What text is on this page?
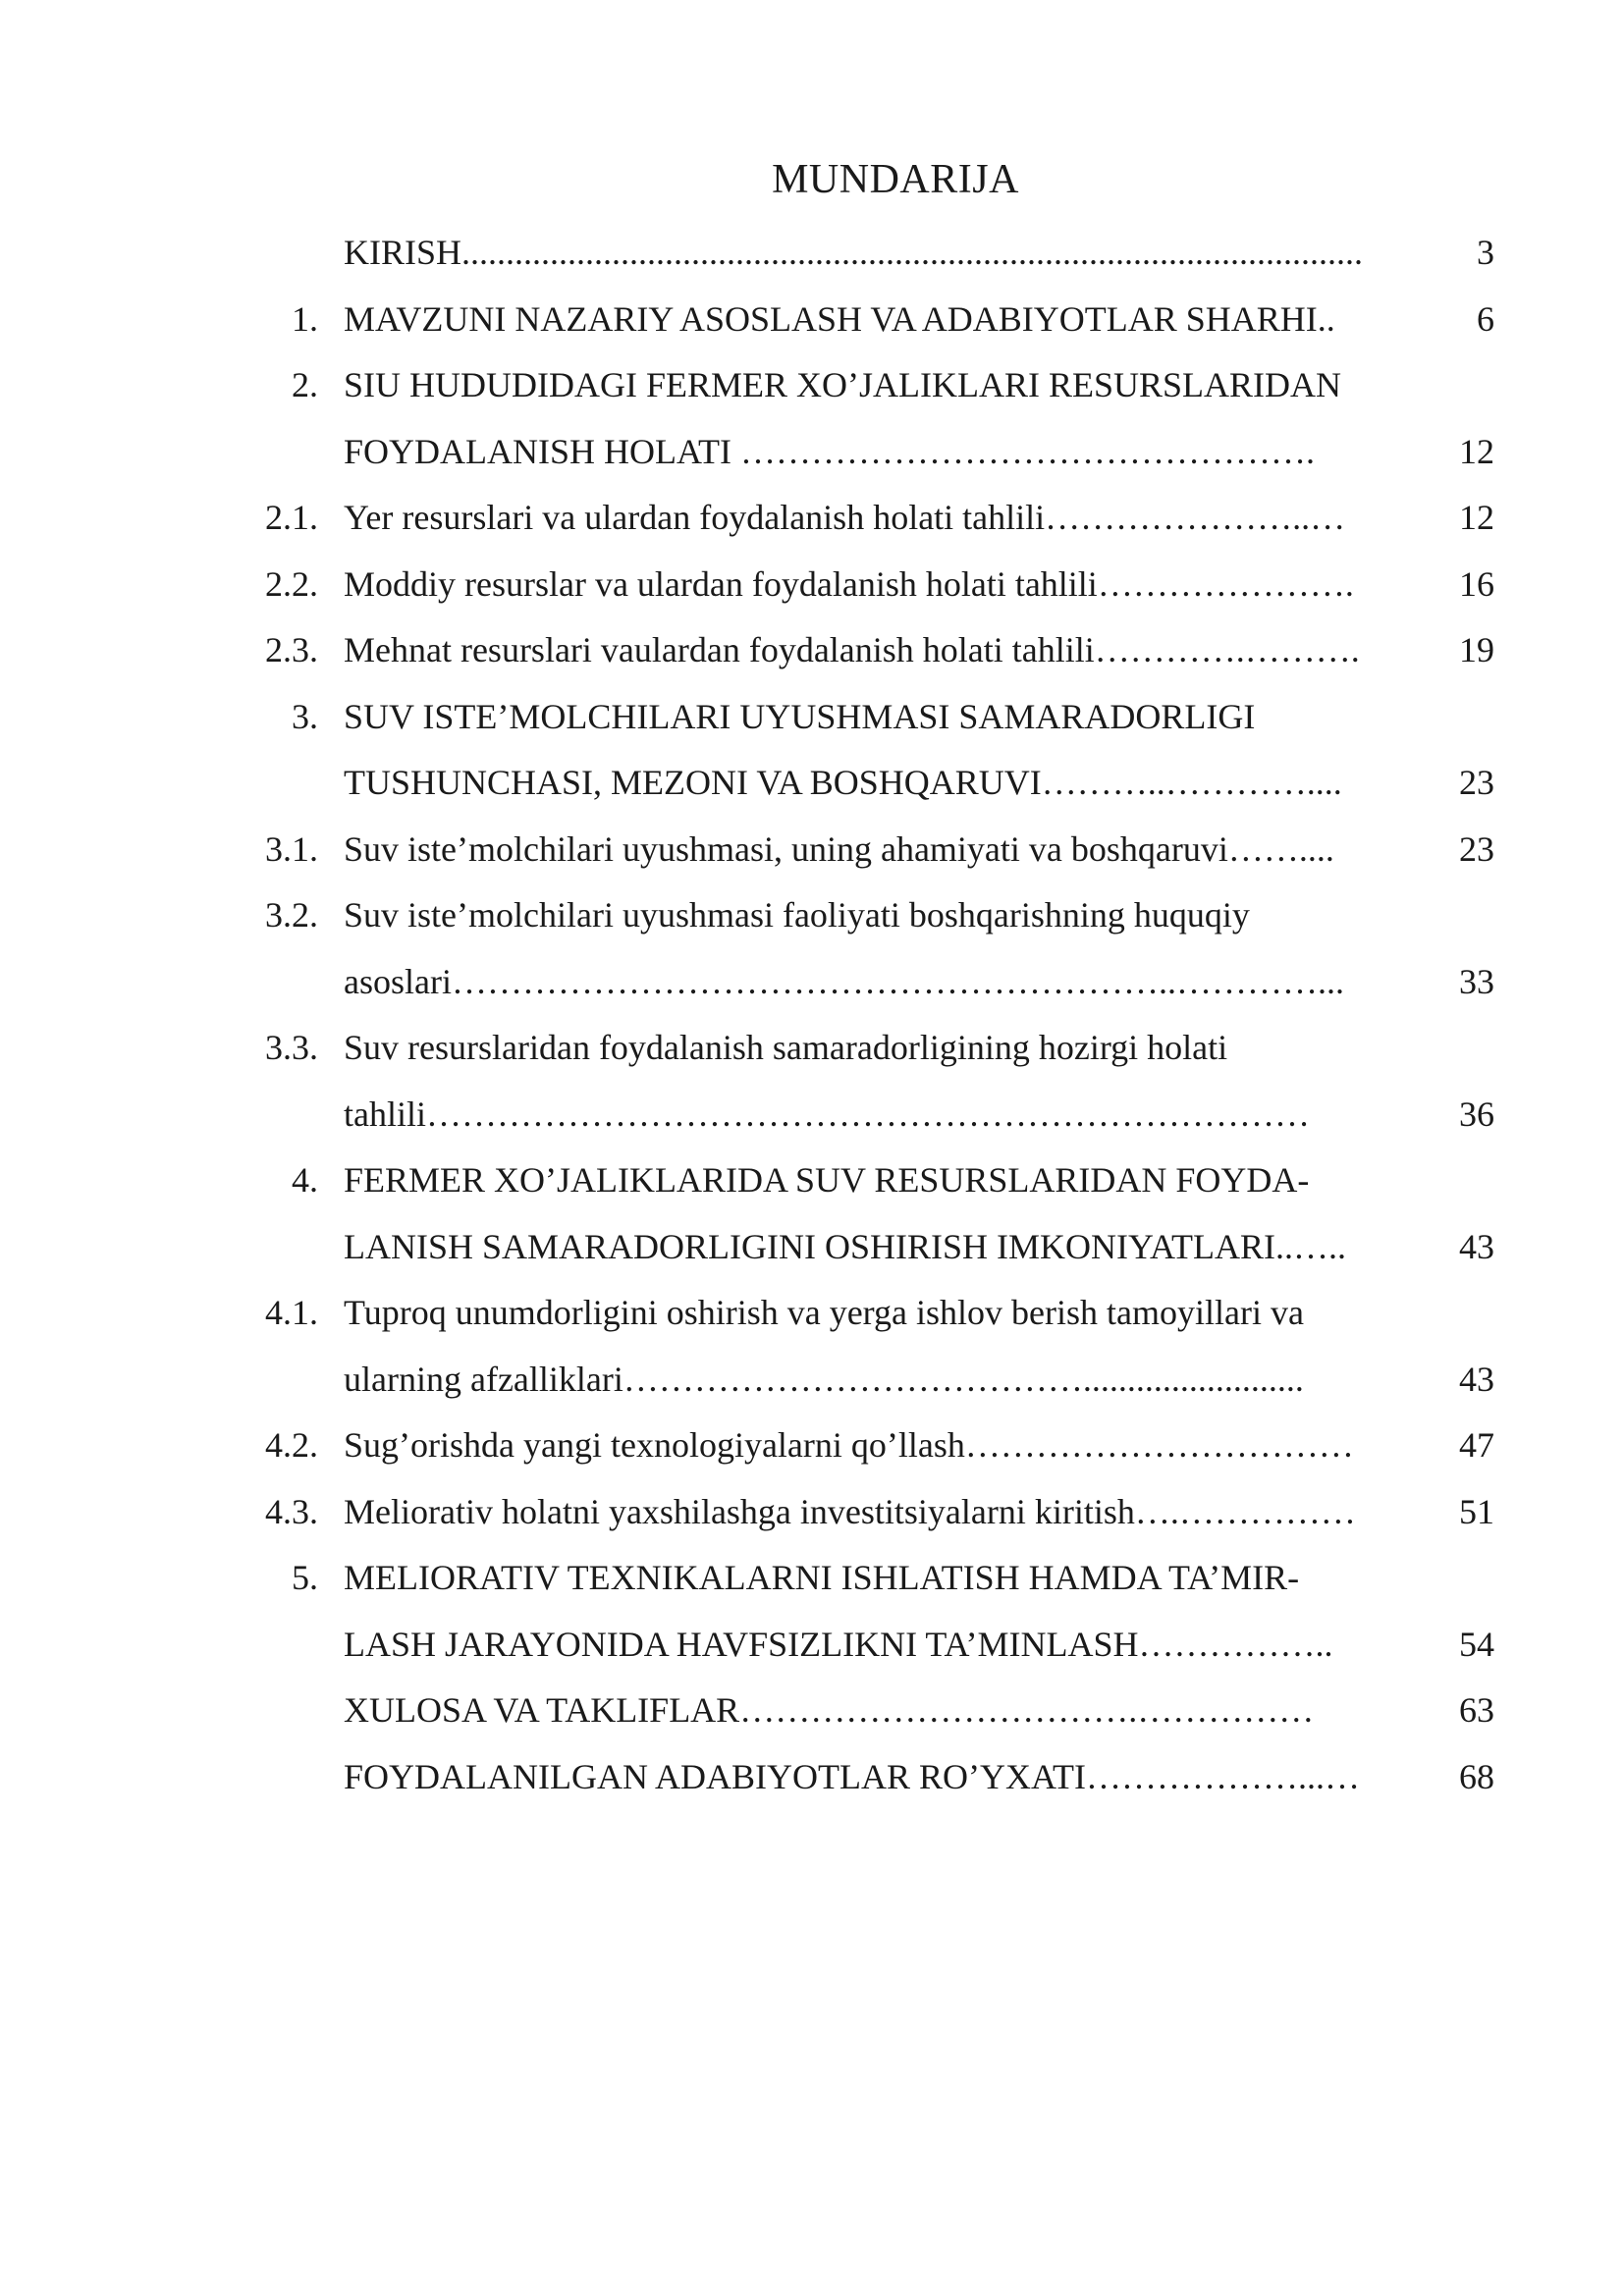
MUNDARIJA
KIRISH......................................................................................................	3
1. MAVZUNI NAZARIY ASOSLASH VA ADABIYOTLAR SHARHI..	6
2. SIU HUDUDIDAGI FERMER XO’JALIKLARI RESURSLARIDAN
FOYDALANISH HOLATI ………………………………………….	12
2.1. Yer resurslari va ulardan foydalanish holati tahlili…………………..…	12
2.2. Moddiy resurslar va ulardan foydalanish holati tahlili………………….	16
2.3. Mehnat resurslari vaulardan foydalanish holati tahlili………….……….	19
3. SUV ISTE’MOLCHILARI UYUSHMASI SAMARADORLIGI
TUSHUNCHASI, MEZONI VA BOSHQARUVI………..…………....	23
3.1. Suv iste’molchilari uyushmasi, uning ahamiyati va boshqaruvi……....	23
3.2. Suv iste’molchilari uyushmasi faoliyati boshqarishning huquqiy
asoslari……………………………………………………..…………...	33
3.3. Suv resurslaridan foydalanish samaradorligining hozirgi holati
tahlili…………………………………………………………………	36
4. FERMER XO’JALIKLARIDA SUV RESURSLARIDAN FOYDA-
LANISH SAMARADORLIGINI OSHIRISH IMKONIYATLARI..…..	43
4.1. Tuproq unumdorligini oshirish va yerga ishlov berish tamoyillari va
ularning afzalliklari………………………………….........................	43
4.2. Sug’orishda yangi texnologiyalarni qo’llash……………………………	47
4.3. Meliorativ holatni yaxshilashga investitsiyalarni kiritish….……………	51
5. MELIORATIV TEXNIKALARNI ISHLATISH HAMDA TA’MIR-
LASH JARAYONIDA HAVFSIZLIKNI TA’MINLASH……………..	54
XULOSA VA TAKLIFLAR…………………………….……………	63
FOYDALANILGAN ADABIYOTLAR RO’YXATI………………...…	68
